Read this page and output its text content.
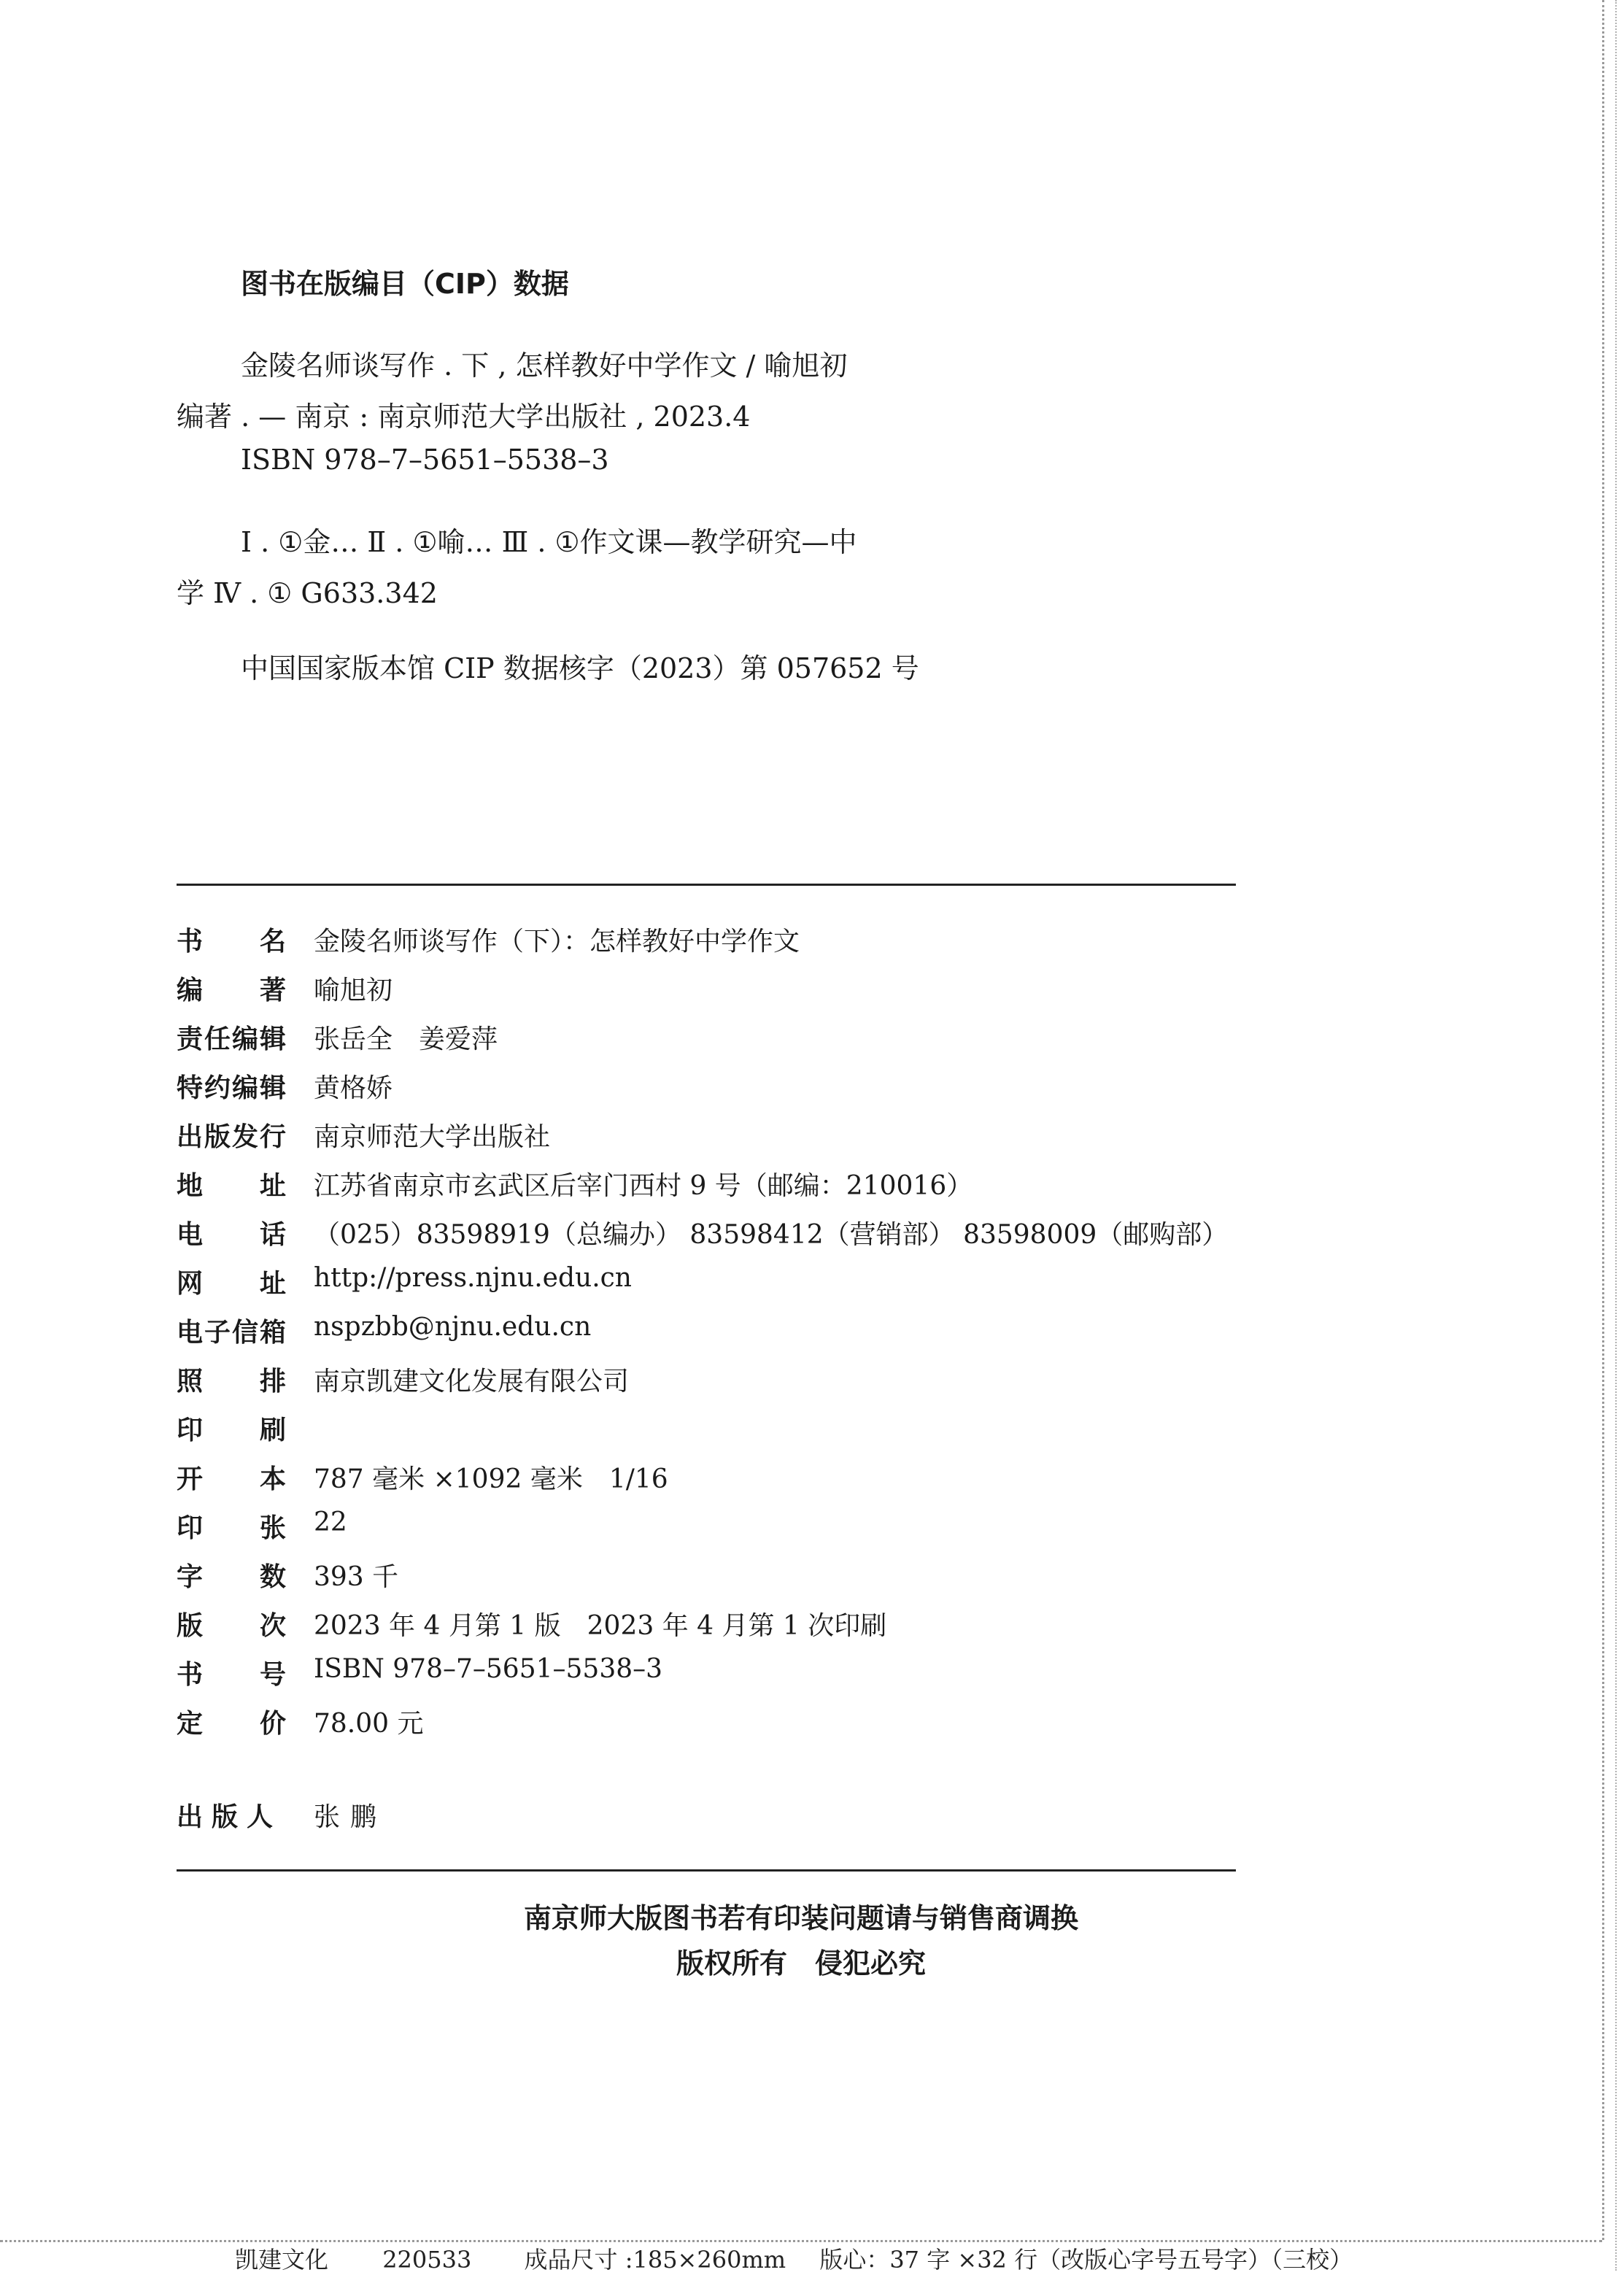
图书在版编目（CIP）数据
金陵名师谈写作 . 下 , 怎样教好中学作文 / 喻旭初
编著 . — 南京 : 南京师范大学出版社 , 2023.4
ISBN 978–7–5651–5538–3
Ⅰ . ①金… Ⅱ . ①喻… Ⅲ . ①作文课—教学研究—中
学 Ⅳ . ① G633.342
中国国家版本馆 CIP 数据核字（2023）第 057652 号
书名 金陵名师谈写作（下）：怎样教好中学作文
编著 喻旭初
责任编辑 张岳全　姜爱萍
特约编辑 黄格娇
出版发行 南京师范大学出版社
地址 江苏省南京市玄武区后宰门西村 9 号（邮编：210016）
电话 （025）83598919（总编办） 83598412（营销部） 83598009（邮购部）
网址 http://press.njnu.edu.cn
电子信箱 nspzbb@njnu.edu.cn
照排 南京凯建文化发展有限公司
印刷
开本 787 毫米 ×1092 毫米　1/16
印张 22
字数 393 千
版次 2023 年 4 月第 1 版　2023 年 4 月第 1 次印刷
书号 ISBN 978–7–5651–5538–3
定价 78.00 元
出版人 张鹏
南京师大版图书若有印装问题请与销售商调换
版权所有　侵犯必究
凯建文化 220533 成品尺寸 :185×260mm 版心：37 字 ×32 行（改版心字号五号字）（三校）
